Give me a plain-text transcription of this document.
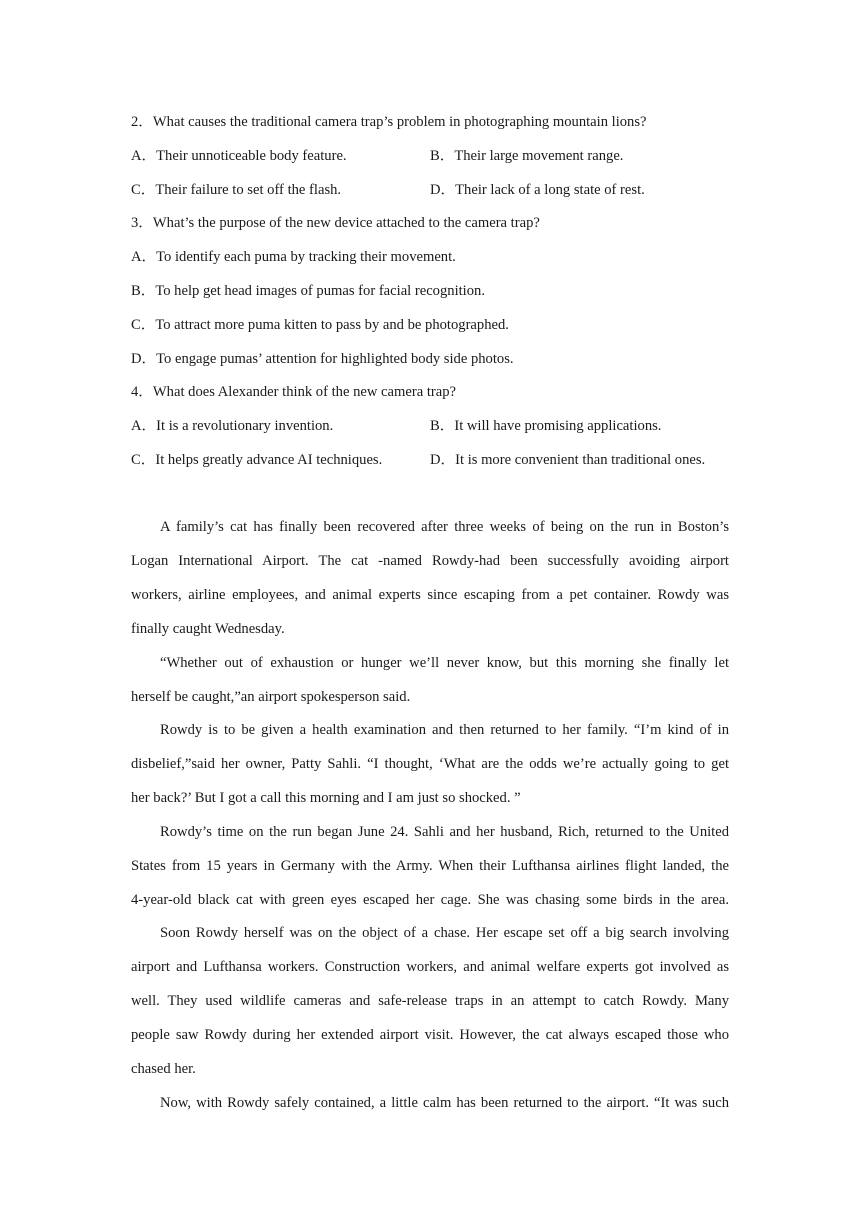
2．What causes the traditional camera trap’s problem in photographing mountain lions?
A．Their unnoticeable body feature.	B．Their large movement range.
C．Their failure to set off the flash.	D．Their lack of a long state of rest.
3．What’s the purpose of the new device attached to the camera trap?
A．To identify each puma by tracking their movement.
B．To help get head images of pumas for facial recognition.
C．To attract more puma kitten to pass by and be photographed.
D．To engage pumas’ attention for highlighted body side photos.
4．What does Alexander think of the new camera trap?
A．It is a revolutionary invention.	B．It will have promising applications.
C．It helps greatly advance AI techniques.	D．It is more convenient than traditional ones.
A family’s cat has finally been recovered after three weeks of being on the run in Boston’s
Logan International Airport. The cat -named Rowdy-had been successfully avoiding airport
workers, airline employees, and animal experts since escaping from a pet container. Rowdy was
finally caught Wednesday.
“Whether out of exhaustion or hunger we’ll never know, but this morning she finally let
herself be caught,”an airport spokesperson said.
Rowdy is to be given a health examination and then returned to her family. “I’m kind of in
disbelief,”said her owner, Patty Sahli. “I thought, ‘What are the odds we’re actually going to get
her back?’ But I got a call this morning and I am just so shocked. ”
Rowdy’s time on the run began June 24. Sahli and her husband, Rich, returned to the United
States from 15 years in Germany with the Army. When their Lufthansa airlines flight landed, the
4-year-old black cat with green eyes escaped her cage. She was chasing some birds in the area.
Soon Rowdy herself was on the object of a chase. Her escape set off a big search involving
airport and Lufthansa workers. Construction workers, and animal welfare experts got involved as
well. They used wildlife cameras and safe-release traps in an attempt to catch Rowdy. Many
people saw Rowdy during her extended airport visit. However, the cat always escaped those who
chased her.
Now, with Rowdy safely contained, a little calm has been returned to the airport. “It was such
